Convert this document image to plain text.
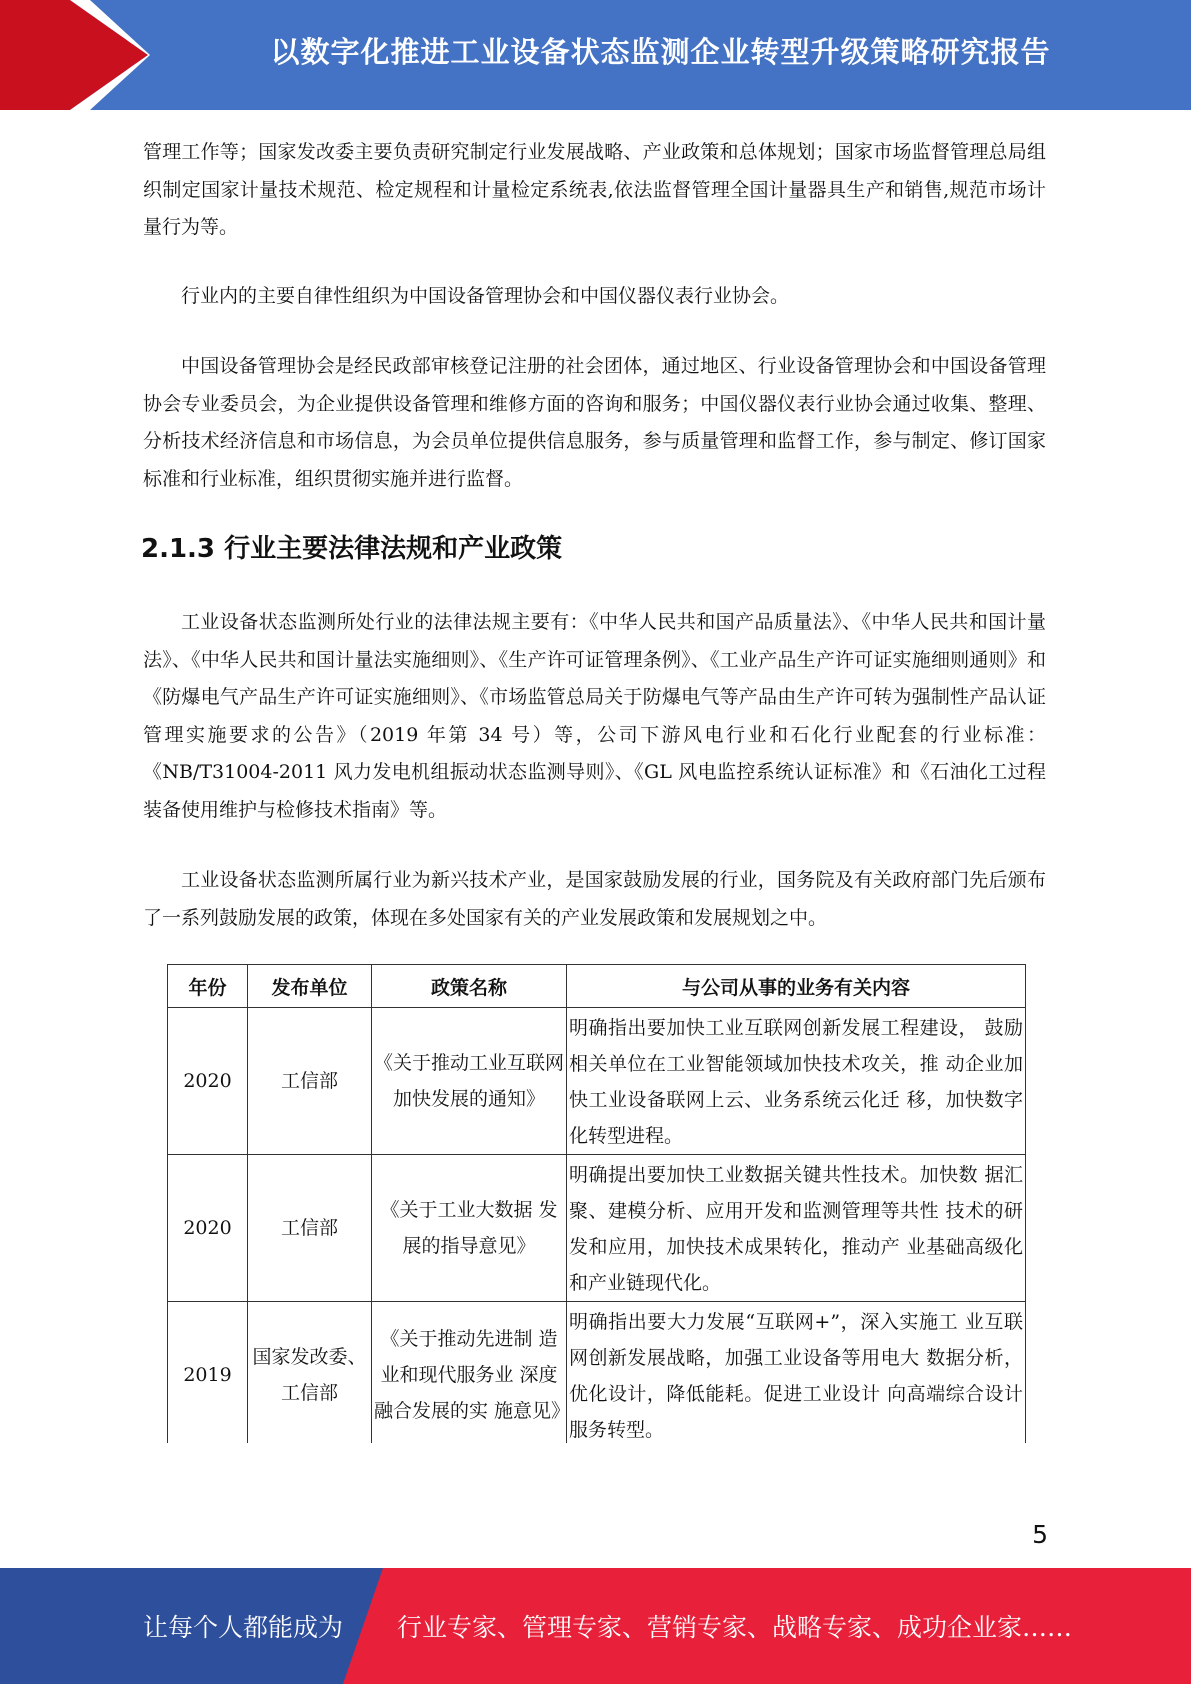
以数字化推进工业设备状态监测企业转型升级策略研究报告

管理工作等；国家发改委主要负责研究制定行业发展战略、产业政策和总体规划；国家市场监督管理总局组织制定国家计量技术规范、检定规程和计量检定系统表,依法监督管理全国计量器具生产和销售,规范市场计量行为等。

行业内的主要自律性组织为中国设备管理协会和中国仪器仪表行业协会。

中国设备管理协会是经民政部审核登记注册的社会团体，通过地区、行业设备管理协会和中国设备管理协会专业委员会，为企业提供设备管理和维修方面的咨询和服务；中国仪器仪表行业协会通过收集、整理、分析技术经济信息和市场信息，为会员单位提供信息服务，参与质量管理和监督工作，参与制定、修订国家标准和行业标准，组织贯彻实施并进行监督。

2.1.3 行业主要法律法规和产业政策

工业设备状态监测所处行业的法律法规主要有：《中华人民共和国产品质量法》、《中华人民共和国计量法》、《中华人民共和国计量法实施细则》、《生产许可证管理条例》、《工业产品生产许可证实施细则通则》和《防爆电气产品生产许可证实施细则》、《市场监管总局关于防爆电气等产品由生产许可转为强制性产品认证管理实施要求的公告》（2019 年第 34 号）等，公司下游风电行业和石化行业配套的行业标准：《NB/T31004-2011 风力发电机组振动状态监测导则》、《GL 风电监控系统认证标准》和《石油化工过程装备使用维护与检修技术指南》等。

工业设备状态监测所属行业为新兴技术产业，是国家鼓励发展的行业，国务院及有关政府部门先后颁布了一系列鼓励发展的政策，体现在多处国家有关的产业发展政策和发展规划之中。

年份	发布单位	政策名称	与公司从事的业务有关内容
2020	工信部	《关于推动工业互联网加快发展的通知》	明确指出要加快工业互联网创新发展工程建设， 鼓励相关单位在工业智能领域加快技术攻关，推 动企业加快工业设备联网上云、业务系统云化迁 移，加快数字化转型进程。
2020	工信部	《关于工业大数据 发展的指导意见》	明确提出要加快工业数据关键共性技术。加快数 据汇聚、建模分析、应用开发和监测管理等共性 技术的研发和应用，加快技术成果转化，推动产 业基础高级化和产业链现代化。
2019	国家发改委、工信部	《关于推动先进制 造业和现代服务业 深度融合发展的实 施意见》	明确指出要大力发展“互联网+”，深入实施工 业互联网创新发展战略，加强工业设备等用电大 数据分析，优化设计，降低能耗。促进工业设计 向高端综合设计服务转型。
5
让每个人都能成为 行业专家、管理专家、营销专家、战略专家、成功企业家……
